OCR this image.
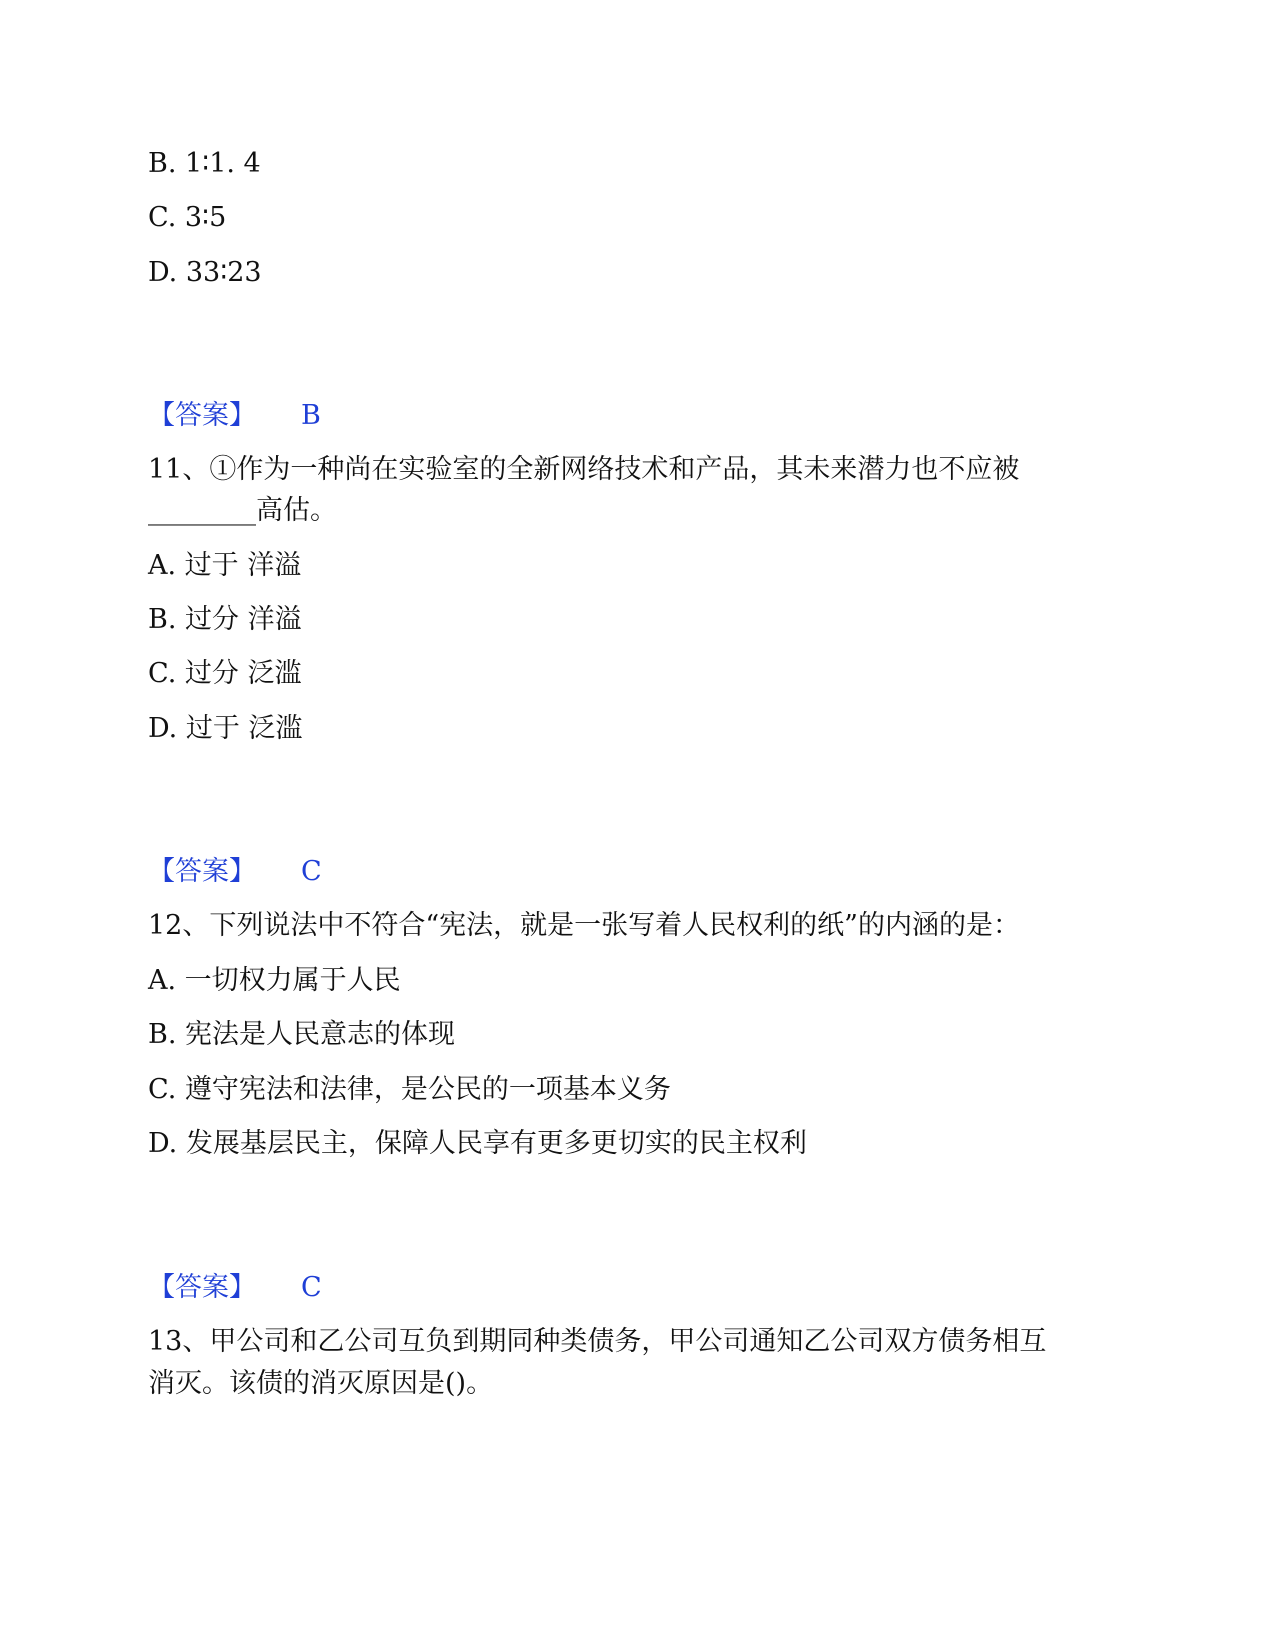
B. 1∶1. 4
C. 3∶5
D. 33∶23
【答案】 B
11、①作为一种尚在实验室的全新网络技术和产品，其未来潜力也不应被
________高估。
A. 过于 洋溢
B. 过分 洋溢
C. 过分 泛滥
D. 过于 泛滥
【答案】 C
12、下列说法中不符合“宪法，就是一张写着人民权利的纸”的内涵的是：
A. 一切权力属于人民
B. 宪法是人民意志的体现
C. 遵守宪法和法律，是公民的一项基本义务
D. 发展基层民主，保障人民享有更多更切实的民主权利
【答案】 C
13、甲公司和乙公司互负到期同种类债务，甲公司通知乙公司双方债务相互
消灭。该债的消灭原因是()。
